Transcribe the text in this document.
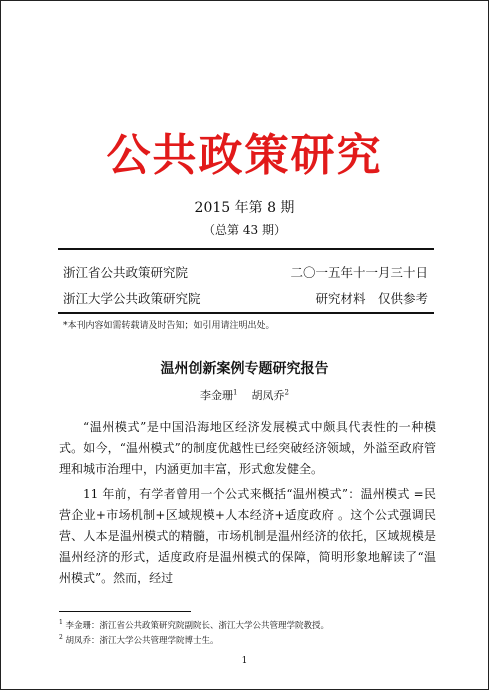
公共政策研究
2015 年第 8 期
（总第 43 期）
浙江省公共政策研究院	二〇一五年十一月三十日
浙江大学公共政策研究院	研究材料　仅供参考
*本刊内容如需转载请及时告知；如引用请注明出处。
温州创新案例专题研究报告
李金珊$^1$ 胡凤乔$^2$

“温州模式”是中国沿海地区经济发展模式中颇具代表性的一种模式。如今，“温州模式”的制度优越性已经突破经济领域，外溢至政府管理和城市治理中，内涵更加丰富，形式愈发健全。

11 年前，有学者曾用一个公式来概括“温州模式”：温州模式 =民营企业+市场机制+区域规模+人本经济+适度政府 。这个公式强调民营、人本是温州模式的精髓，市场机制是温州经济的依托，区域规模是温州经济的形式，适度政府是温州模式的保障，简明形象地解读了“温州模式”。然而，经过

$^1$ 李金珊：浙江省公共政策研究院副院长、浙江大学公共管理学院教授。
$^2$ 胡凤乔：浙江大学公共管理学院博士生。
1
